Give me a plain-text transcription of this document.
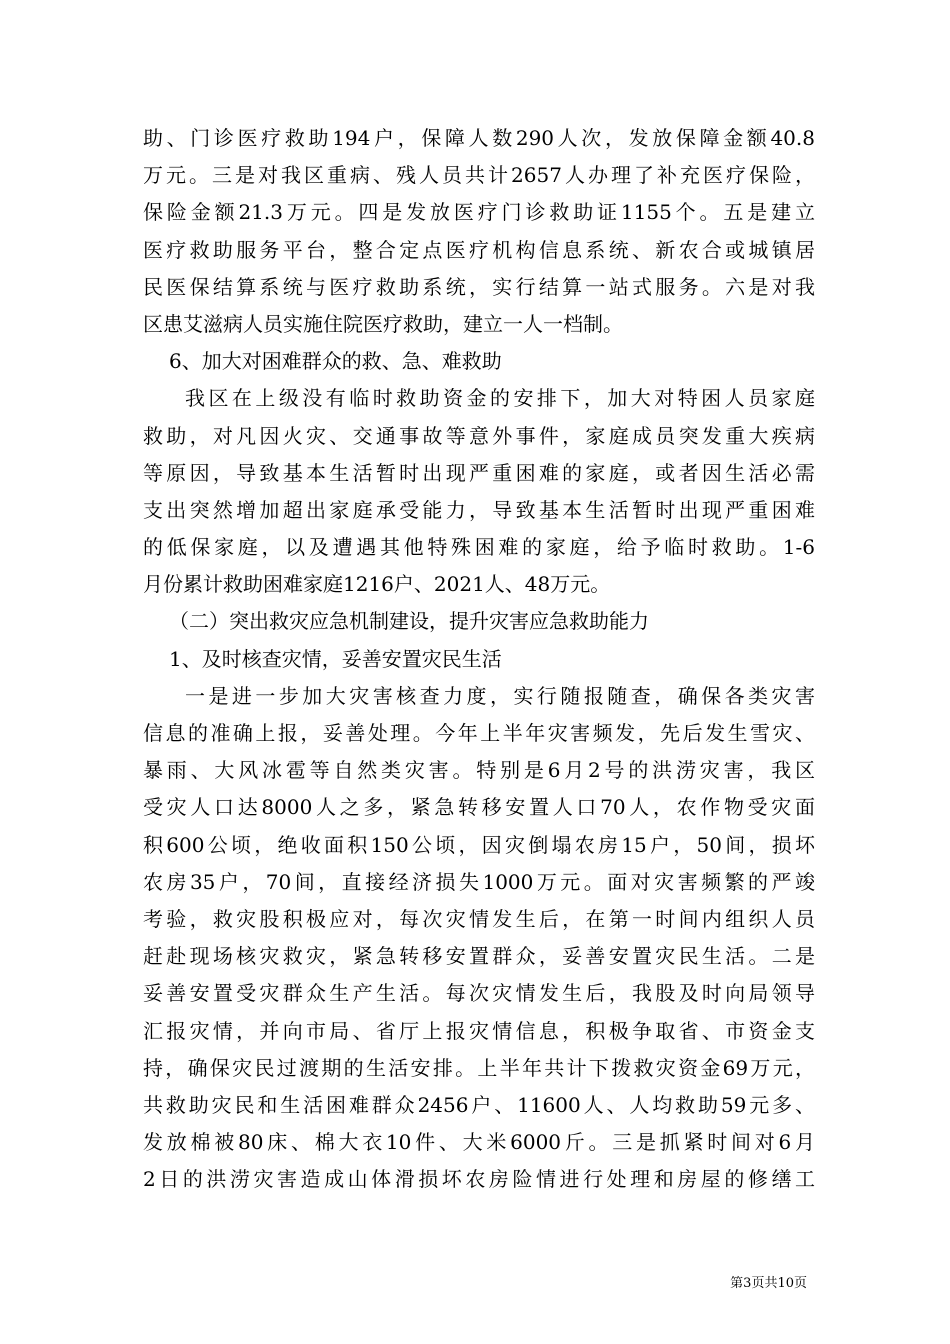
助、门诊医疗救助194户，保障人数290人次，发放保障金额40.8
万元。三是对我区重病、残人员共计2657人办理了补充医疗保险，
保险金额21.3万元。四是发放医疗门诊救助证1155个。五是建立
医疗救助服务平台，整合定点医疗机构信息系统、新农合或城镇居
民医保结算系统与医疗救助系统，实行结算一站式服务。六是对我
区患艾滋病人员实施住院医疗救助，建立一人一档制。
6、加大对困难群众的救、急、难救助
我区在上级没有临时救助资金的安排下，加大对特困人员家庭
救助，对凡因火灾、交通事故等意外事件，家庭成员突发重大疾病
等原因，导致基本生活暂时出现严重困难的家庭，或者因生活必需
支出突然增加超出家庭承受能力，导致基本生活暂时出现严重困难
的低保家庭，以及遭遇其他特殊困难的家庭，给予临时救助。1-6
月份累计救助困难家庭1216户、2021人、48万元。
（二）突出救灾应急机制建设，提升灾害应急救助能力
1、及时核查灾情，妥善安置灾民生活
一是进一步加大灾害核查力度，实行随报随查，确保各类灾害
信息的准确上报，妥善处理。今年上半年灾害频发，先后发生雪灾、
暴雨、大风冰雹等自然类灾害。特别是6月2号的洪涝灾害，我区
受灾人口达8000人之多，紧急转移安置人口70人，农作物受灾面
积600公顷，绝收面积150公顷，因灾倒塌农房15户，50间，损坏
农房35户，70间，直接经济损失1000万元。面对灾害频繁的严竣
考验，救灾股积极应对，每次灾情发生后，在第一时间内组织人员
赶赴现场核灾救灾，紧急转移安置群众，妥善安置灾民生活。二是
妥善安置受灾群众生产生活。每次灾情发生后，我股及时向局领导
汇报灾情，并向市局、省厅上报灾情信息，积极争取省、市资金支
持，确保灾民过渡期的生活安排。上半年共计下拨救灾资金69万元，
共救助灾民和生活困难群众2456户、11600人、人均救助59元多、
发放棉被80床、棉大衣10件、大米6000斤。三是抓紧时间对6月
2日的洪涝灾害造成山体滑损坏农房险情进行处理和房屋的修缮工
第3页共10页
